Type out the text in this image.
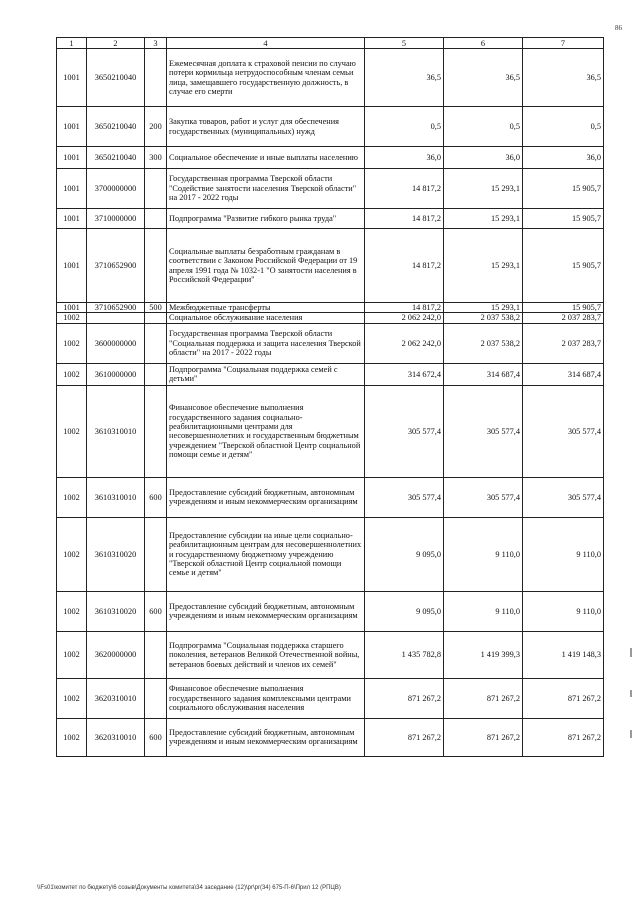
86
1	2	3	4	5	6	7
1001	3650210040		Ежемесячная доплата к страховой пенсии по случаю потери кормильца нетрудоспособным членам семьи лица, замещавшего государственную должность, в случае его смерти	36,5	36,5	36,5
1001	3650210040	200	Закупка товаров, работ и услуг для обеспечения государственных (муниципальных) нужд	0,5	0,5	0,5
1001	3650210040	300	Социальное обеспечение и иные выплаты населению	36,0	36,0	36,0
1001	3700000000		Государственная программа Тверской области "Содействие занятости населения Тверской области" на 2017 - 2022 годы	14 817,2	15 293,1	15 905,7
1001	3710000000		Подпрограмма "Развитие гибкого рынка труда"	14 817,2	15 293,1	15 905,7
1001	3710652900		Социальные выплаты безработным гражданам в соответствии с Законом Российской Федерации от 19 апреля 1991 года № 1032-1 "О занятости населения в Российской Федерации"	14 817,2	15 293,1	15 905,7
1001	3710652900	500	Межбюджетные трансферты	14 817,2	15 293,1	15 905,7
1002			Социальное обслуживание населения	2 062 242,0	2 037 538,2	2 037 283,7
1002	3600000000		Государственная программа Тверской области "Социальная поддержка и защита населения Тверской области" на 2017 - 2022 годы	2 062 242,0	2 037 538,2	2 037 283,7
1002	3610000000		Подпрограмма "Социальная поддержка семей с детьми"	314 672,4	314 687,4	314 687,4
1002	3610310010		Финансовое обеспечение выполнения государственного задания социально-реабилитационными центрами для несовершеннолетних и государственным бюджетным учреждением "Тверской областной Центр социальной помощи семье и детям"	305 577,4	305 577,4	305 577,4
1002	3610310010	600	Предоставление субсидий бюджетным, автономным учреждениям и иным некоммерческим организациям	305 577,4	305 577,4	305 577,4
1002	3610310020		Предоставление субсидии на иные цели социально-реабилитационным центрам для несовершеннолетних и государственному бюджетному учреждению "Тверской областной Центр социальной помощи семье и детям"	9 095,0	9 110,0	9 110,0
1002	3610310020	600	Предоставление субсидий бюджетным, автономным учреждениям и иным некоммерческим организациям	9 095,0	9 110,0	9 110,0
1002	3620000000		Подпрограмма "Социальная поддержка старшего поколения, ветеранов Великой Отечественной войны, ветеранов боевых действий и членов их семей"	1 435 782,8	1 419 399,3	1 419 148,3
1002	3620310010		Финансовое обеспечение выполнения государственного задания комплексными центрами социального обслуживания населения	871 267,2	871 267,2	871 267,2
1002	3620310010	600	Предоставление субсидий бюджетным, автономным учреждениям и иным некоммерческим организациям	871 267,2	871 267,2	871 267,2
\\Fs01\комитет по бюджету\6 созыв\Документы комитета\34 заседание (12)\pr\pr(34) 675-П-6\Прил 12 (РПЦВ)
